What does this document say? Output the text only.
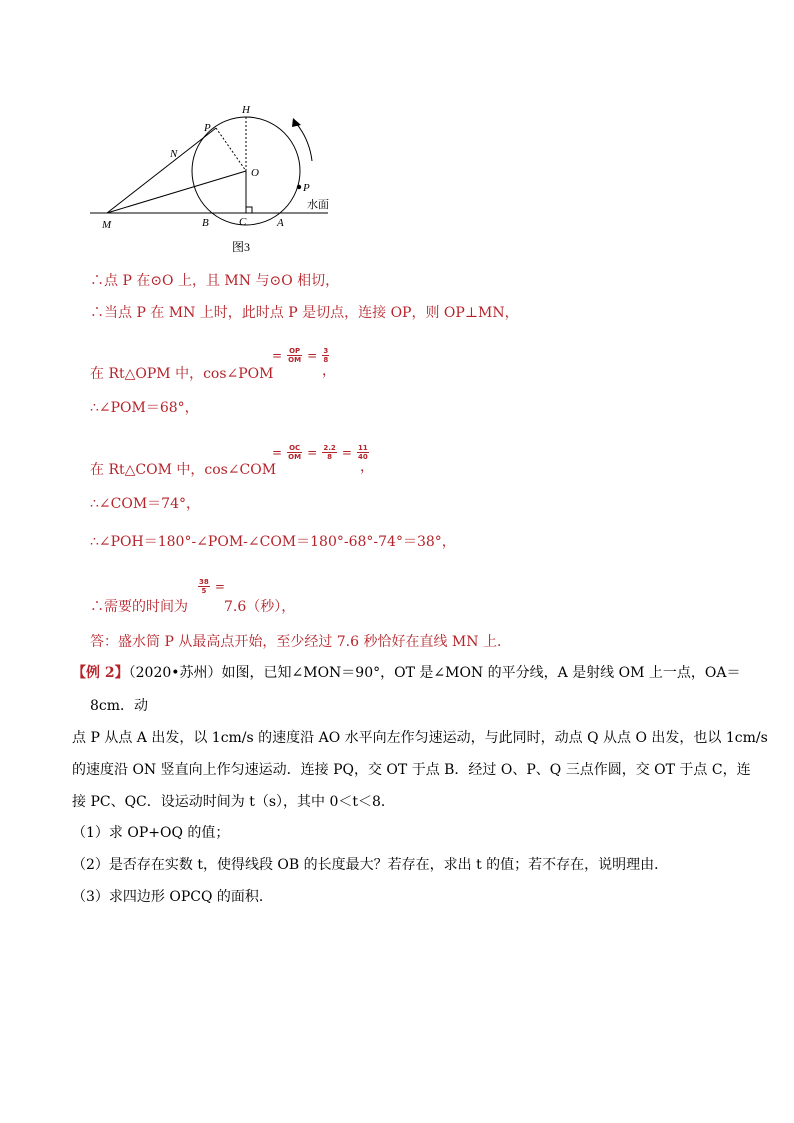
H
P
N
O
P
水面
M	B	C	A
图3
∴点 P 在⊙O 上，且 MN 与⊙O 相切，
∴当点 P 在 MN 上时，此时点 P 是切点，连接 OP，则 OP⊥MN，
在 Rt△OPM 中，cos∠POM
= $\frac{OP}{OM} = \frac{3}{8}$
，
∴∠POM＝68°，
在 Rt△COM 中，cos∠COM
= $\frac{OC}{OM} = \frac{2.2}{8} = \frac{11}{40}$
，
∴∠COM＝74°，
∴∠POH＝180°-∠POM-∠COM＝180°-68°-74°＝38°，
∴需要的时间为
$\frac{38}{5}$ =
7.6（秒），
答：盛水筒 P 从最高点开始，至少经过 7.6 秒恰好在直线 MN 上．
【例 2】（2020•苏州）如图，已知∠MON＝90°，OT 是∠MON 的平分线，A 是射线 OM 上一点，OA＝
8cm．动
点 P 从点 A 出发，以 1cm/s 的速度沿 AO 水平向左作匀速运动，与此同时，动点 Q 从点 O 出发，也以 1cm/s
的速度沿 ON 竖直向上作匀速运动．连接 PQ，交 OT 于点 B．经过 O、P、Q 三点作圆，交 OT 于点 C，连
接 PC、QC．设运动时间为 t（s），其中 0＜t＜8．
（1）求 OP+OQ 的值；
（2）是否存在实数 t，使得线段 OB 的长度最大？若存在，求出 t 的值；若不存在，说明理由．
（3）求四边形 OPCQ 的面积．
